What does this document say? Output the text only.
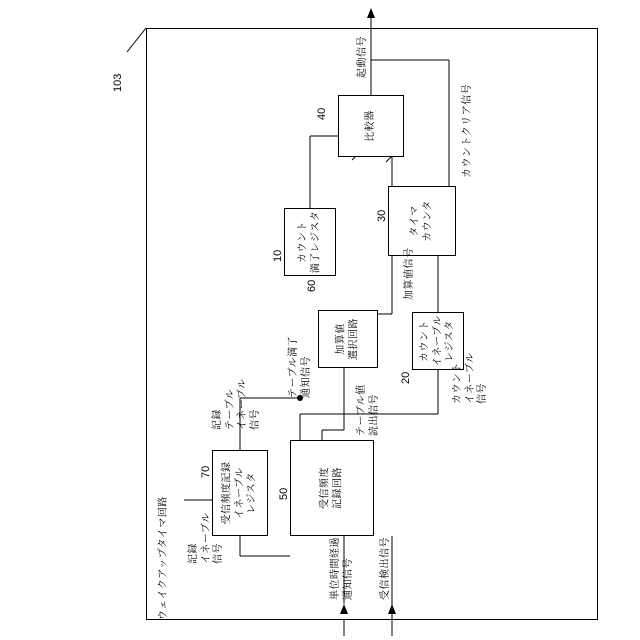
比較器
40
カウント 満了レジスタ
10
タイマ カウンタ
30
カウント イネーブル レジスタ
20
加算値 選択回路
60
受信頻度記録 イネーブル レジスタ
70	受信頻度 記録回路
50
ウェイクアップタイマ回路
103
起動信号
カウントクリア信号
加算値信号
カウント イネーブル 信号
テーブル満了 通知信号
テーブル値 読出信号
記録 イネーブル 信号
記録 テーブル イネーブル 信号
単位時間経過 通知信号	受信検出信号
